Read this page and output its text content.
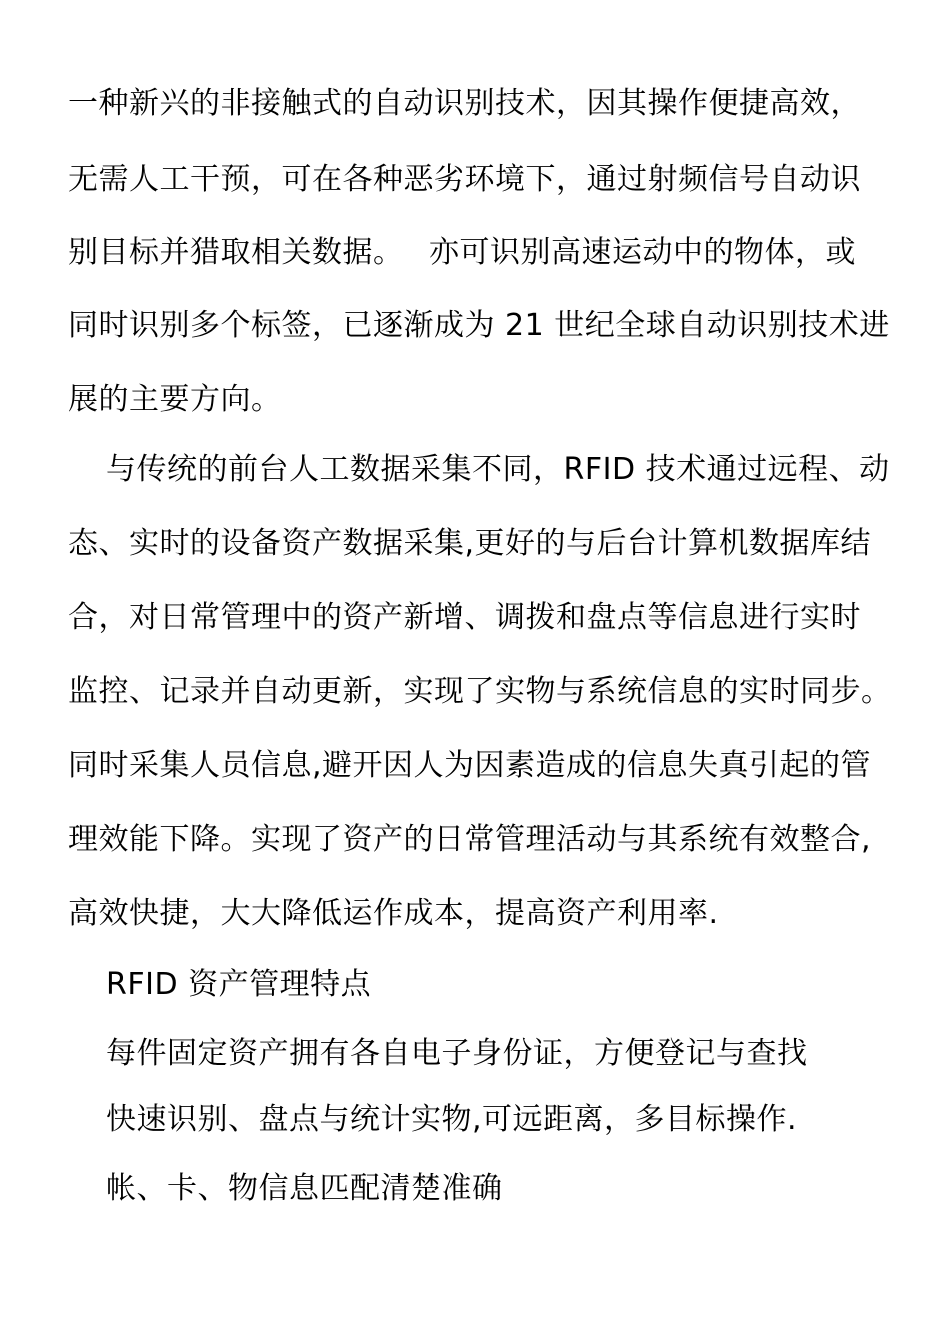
一种新兴的非接触式的自动识别技术，因其操作便捷高效，
无需人工干预，可在各种恶劣环境下，通过射频信号自动识
别目标并猎取相关数据。　 亦可识别高速运动中的物体，或
同时识别多个标签，已逐渐成为 21 世纪全球自动识别技术进
展的主要方向。
与传统的前台人工数据采集不同，RFID 技术通过远程、动
态、实时的设备资产数据采集,更好的与后台计算机数据库结
合，对日常管理中的资产新增、调拨和盘点等信息进行实时
监控、记录并自动更新，实现了实物与系统信息的实时同步。
同时采集人员信息,避开因人为因素造成的信息失真引起的管
理效能下降。实现了资产的日常管理活动与其系统有效整合,
高效快捷，大大降低运作成本，提高资产利用率.
RFID 资产管理特点
每件固定资产拥有各自电子身份证，方便登记与查找
快速识别、盘点与统计实物,可远距离，多目标操作.
帐、卡、物信息匹配清楚准确
